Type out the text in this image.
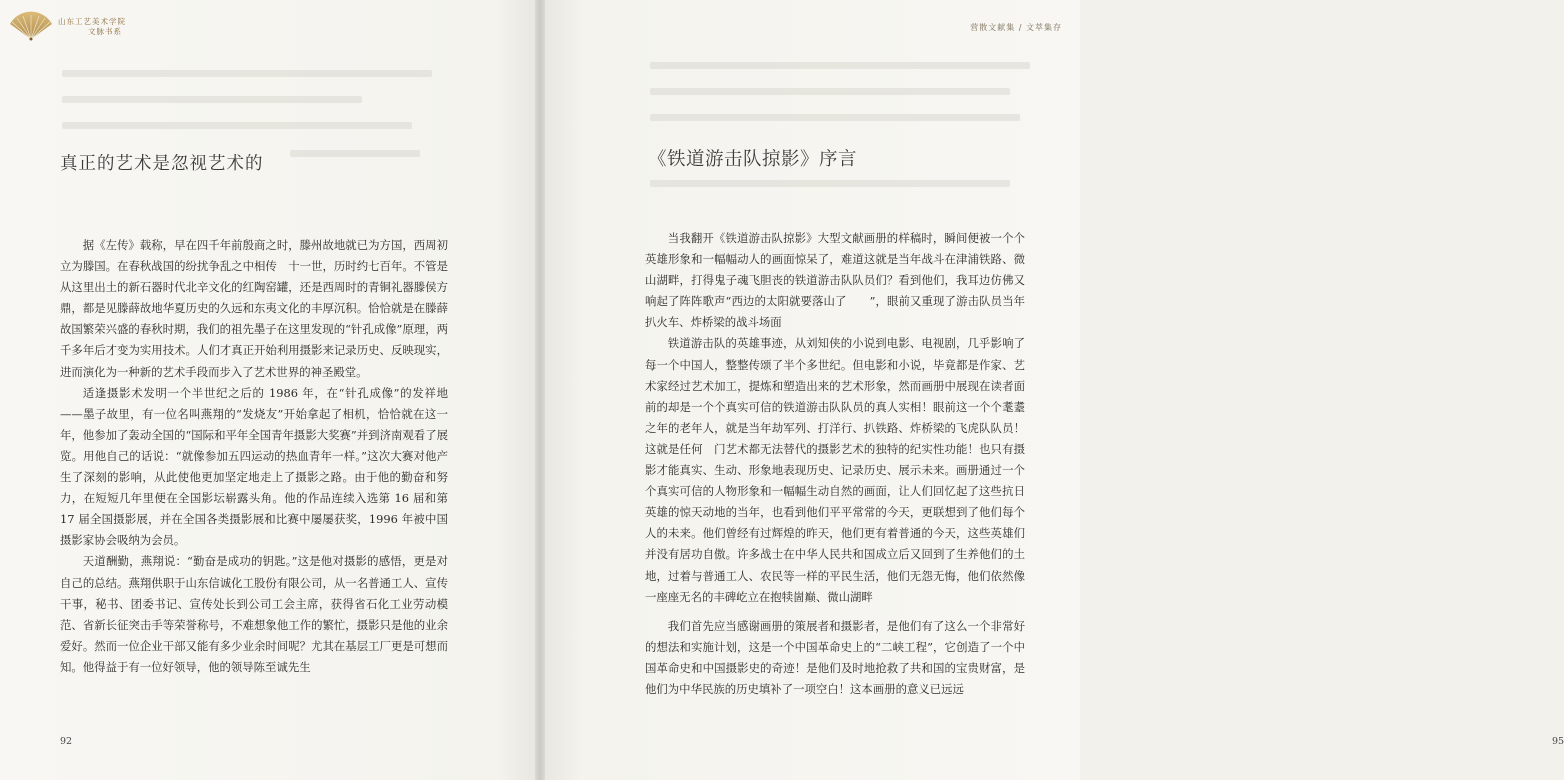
山东工艺美术学院
文脉书系
真正的艺术是忽视艺术的

据《左传》载称，早在四千年前殷商之时，滕州故地就已为方国，西周初立为滕国。在春秋战国的纷扰争乱之中相传　十一世，历时约七百年。不管是从这里出土的新石器时代北辛文化的红陶窑罐，还是西周时的青铜礼器滕侯方鼎，都是见滕薛故地华夏历史的久远和东夷文化的丰厚沉积。恰恰就是在滕薛故国繁荣兴盛的春秋时期，我们的祖先墨子在这里发现的“针孔成像”原理，两千多年后才变为实用技术。人们才真正开始利用摄影来记录历史、反映现实，进而演化为一种新的艺术手段而步入了艺术世界的神圣殿堂。

适逢摄影术发明一个半世纪之后的 1986 年，在“针孔成像”的发祥地——墨子故里，有一位名叫燕翔的“发烧友”开始拿起了相机，恰恰就在这一年，他参加了轰动全国的“国际和平年全国青年摄影大奖赛”并到济南观看了展览。用他自己的话说：“就像参加五四运动的热血青年一样。”这次大赛对他产生了深刻的影响，从此使他更加坚定地走上了摄影之路。由于他的勤奋和努力，在短短几年里便在全国影坛崭露头角。他的作品连续入选第 16 届和第 17 届全国摄影展，并在全国各类摄影展和比赛中屡屡获奖，1996 年被中国摄影家协会吸纳为会员。

天道酬勤，燕翔说：“勤奋是成功的钥匙。”这是他对摄影的感悟，更是对自己的总结。燕翔供职于山东信诚化工股份有限公司，从一名普通工人、宣传干事，秘书、团委书记、宣传处长到公司工会主席，获得省石化工业劳动模范、省新长征突击手等荣誉称号，不难想象他工作的繁忙，摄影只是他的业余爱好。然而一位企业干部又能有多少业余时间呢？尤其在基层工厂更是可想而知。他得益于有一位好领导，他的领导陈至诚先生

92
营散文献集 / 文萃集存
《铁道游击队掠影》序言
95

当我翻开《铁道游击队掠影》大型文献画册的样稿时，瞬间便被一个个英雄形象和一幅幅动人的画面惊呆了，难道这就是当年战斗在津浦铁路、微山湖畔，打得鬼子魂飞胆丧的铁道游击队队员们？看到他们，我耳边仿佛又响起了阵阵歌声“西边的太阳就要落山了　　”，眼前又重现了游击队员当年扒火车、炸桥梁的战斗场面

铁道游击队的英雄事迹，从刘知侠的小说到电影、电视剧，几乎影响了每一个中国人，整整传颂了半个多世纪。但电影和小说，毕竟都是作家、艺术家经过艺术加工，提炼和塑造出来的艺术形象，然而画册中展现在读者面前的却是一个个真实可信的铁道游击队队员的真人实相！眼前这一个个耄耋之年的老年人，就是当年劫军列、打洋行、扒铁路、炸桥梁的飞虎队队员！这就是任何　门艺术都无法替代的摄影艺术的独特的纪实性功能！也只有摄影才能真实、生动、形象地表现历史、记录历史、展示未来。画册通过一个个真实可信的人物形象和一幅幅生动自然的画面，让人们回忆起了这些抗日英雄的惊天动地的当年，也看到他们平平常常的今天，更联想到了他们每个人的未来。他们曾经有过辉煌的昨天，他们更有着普通的今天，这些英雄们并没有居功自傲。许多战士在中华人民共和国成立后又回到了生养他们的土地，过着与普通工人、农民等一样的平民生活，他们无怨无悔，他们依然像一座座无名的丰碑屹立在抱犊崮巅、微山湖畔

我们首先应当感谢画册的策展者和摄影者，是他们有了这么一个非常好的想法和实施计划，这是一个中国革命史上的“二峡工程”，它创造了一个中国革命史和中国摄影史的奇迹！是他们及时地抢救了共和国的宝贵财富，是他们为中华民族的历史填补了一项空白！这本画册的意义已远远
